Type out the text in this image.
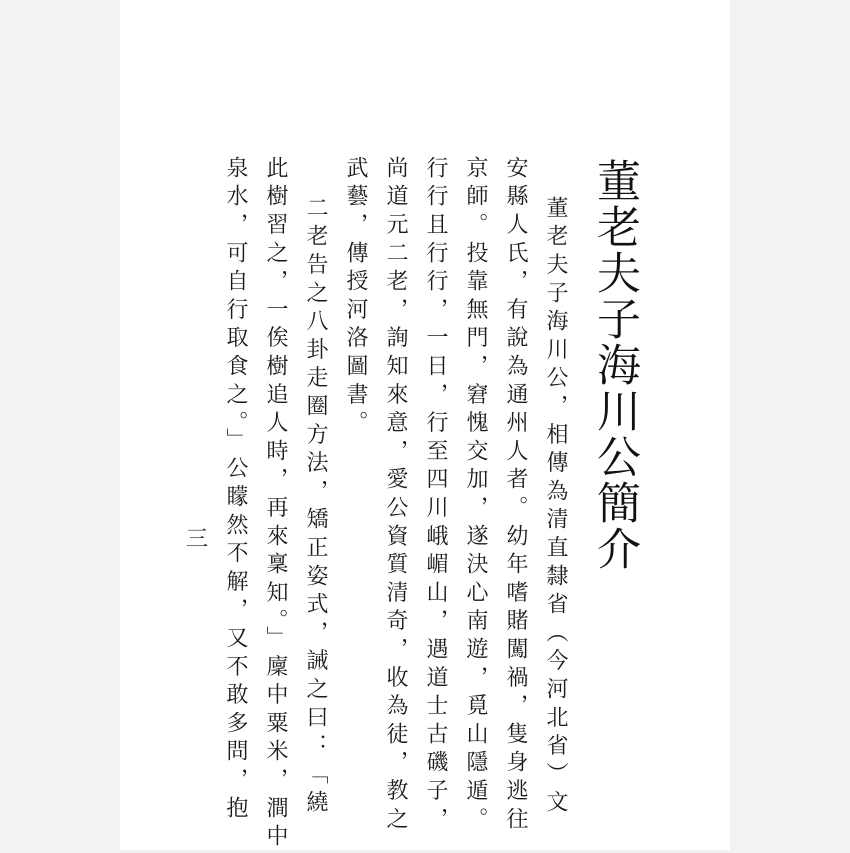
董老夫子海川公簡介
董老夫子海川公，相傳為清直隸省（今河北省）文
安縣人氏，有說為通州人者。幼年嗜賭闖禍，隻身逃往
京師。投靠無門，窘愧交加，遂決心南遊，覓山隱遁。
行行且行行，一日，行至四川峨嵋山，遇道士古磯子，
尚道元二老，詢知來意，愛公資質清奇，收為徒，教之
武藝，傳授河洛圖書。
二老告之八卦走圈方法，矯正姿式，誡之曰：「繞
此樹習之，一俟樹追人時，再來稟知。」廩中粟米，澗中
泉水，可自行取食之。」公矇然不解，又不敢多問，抱
三
